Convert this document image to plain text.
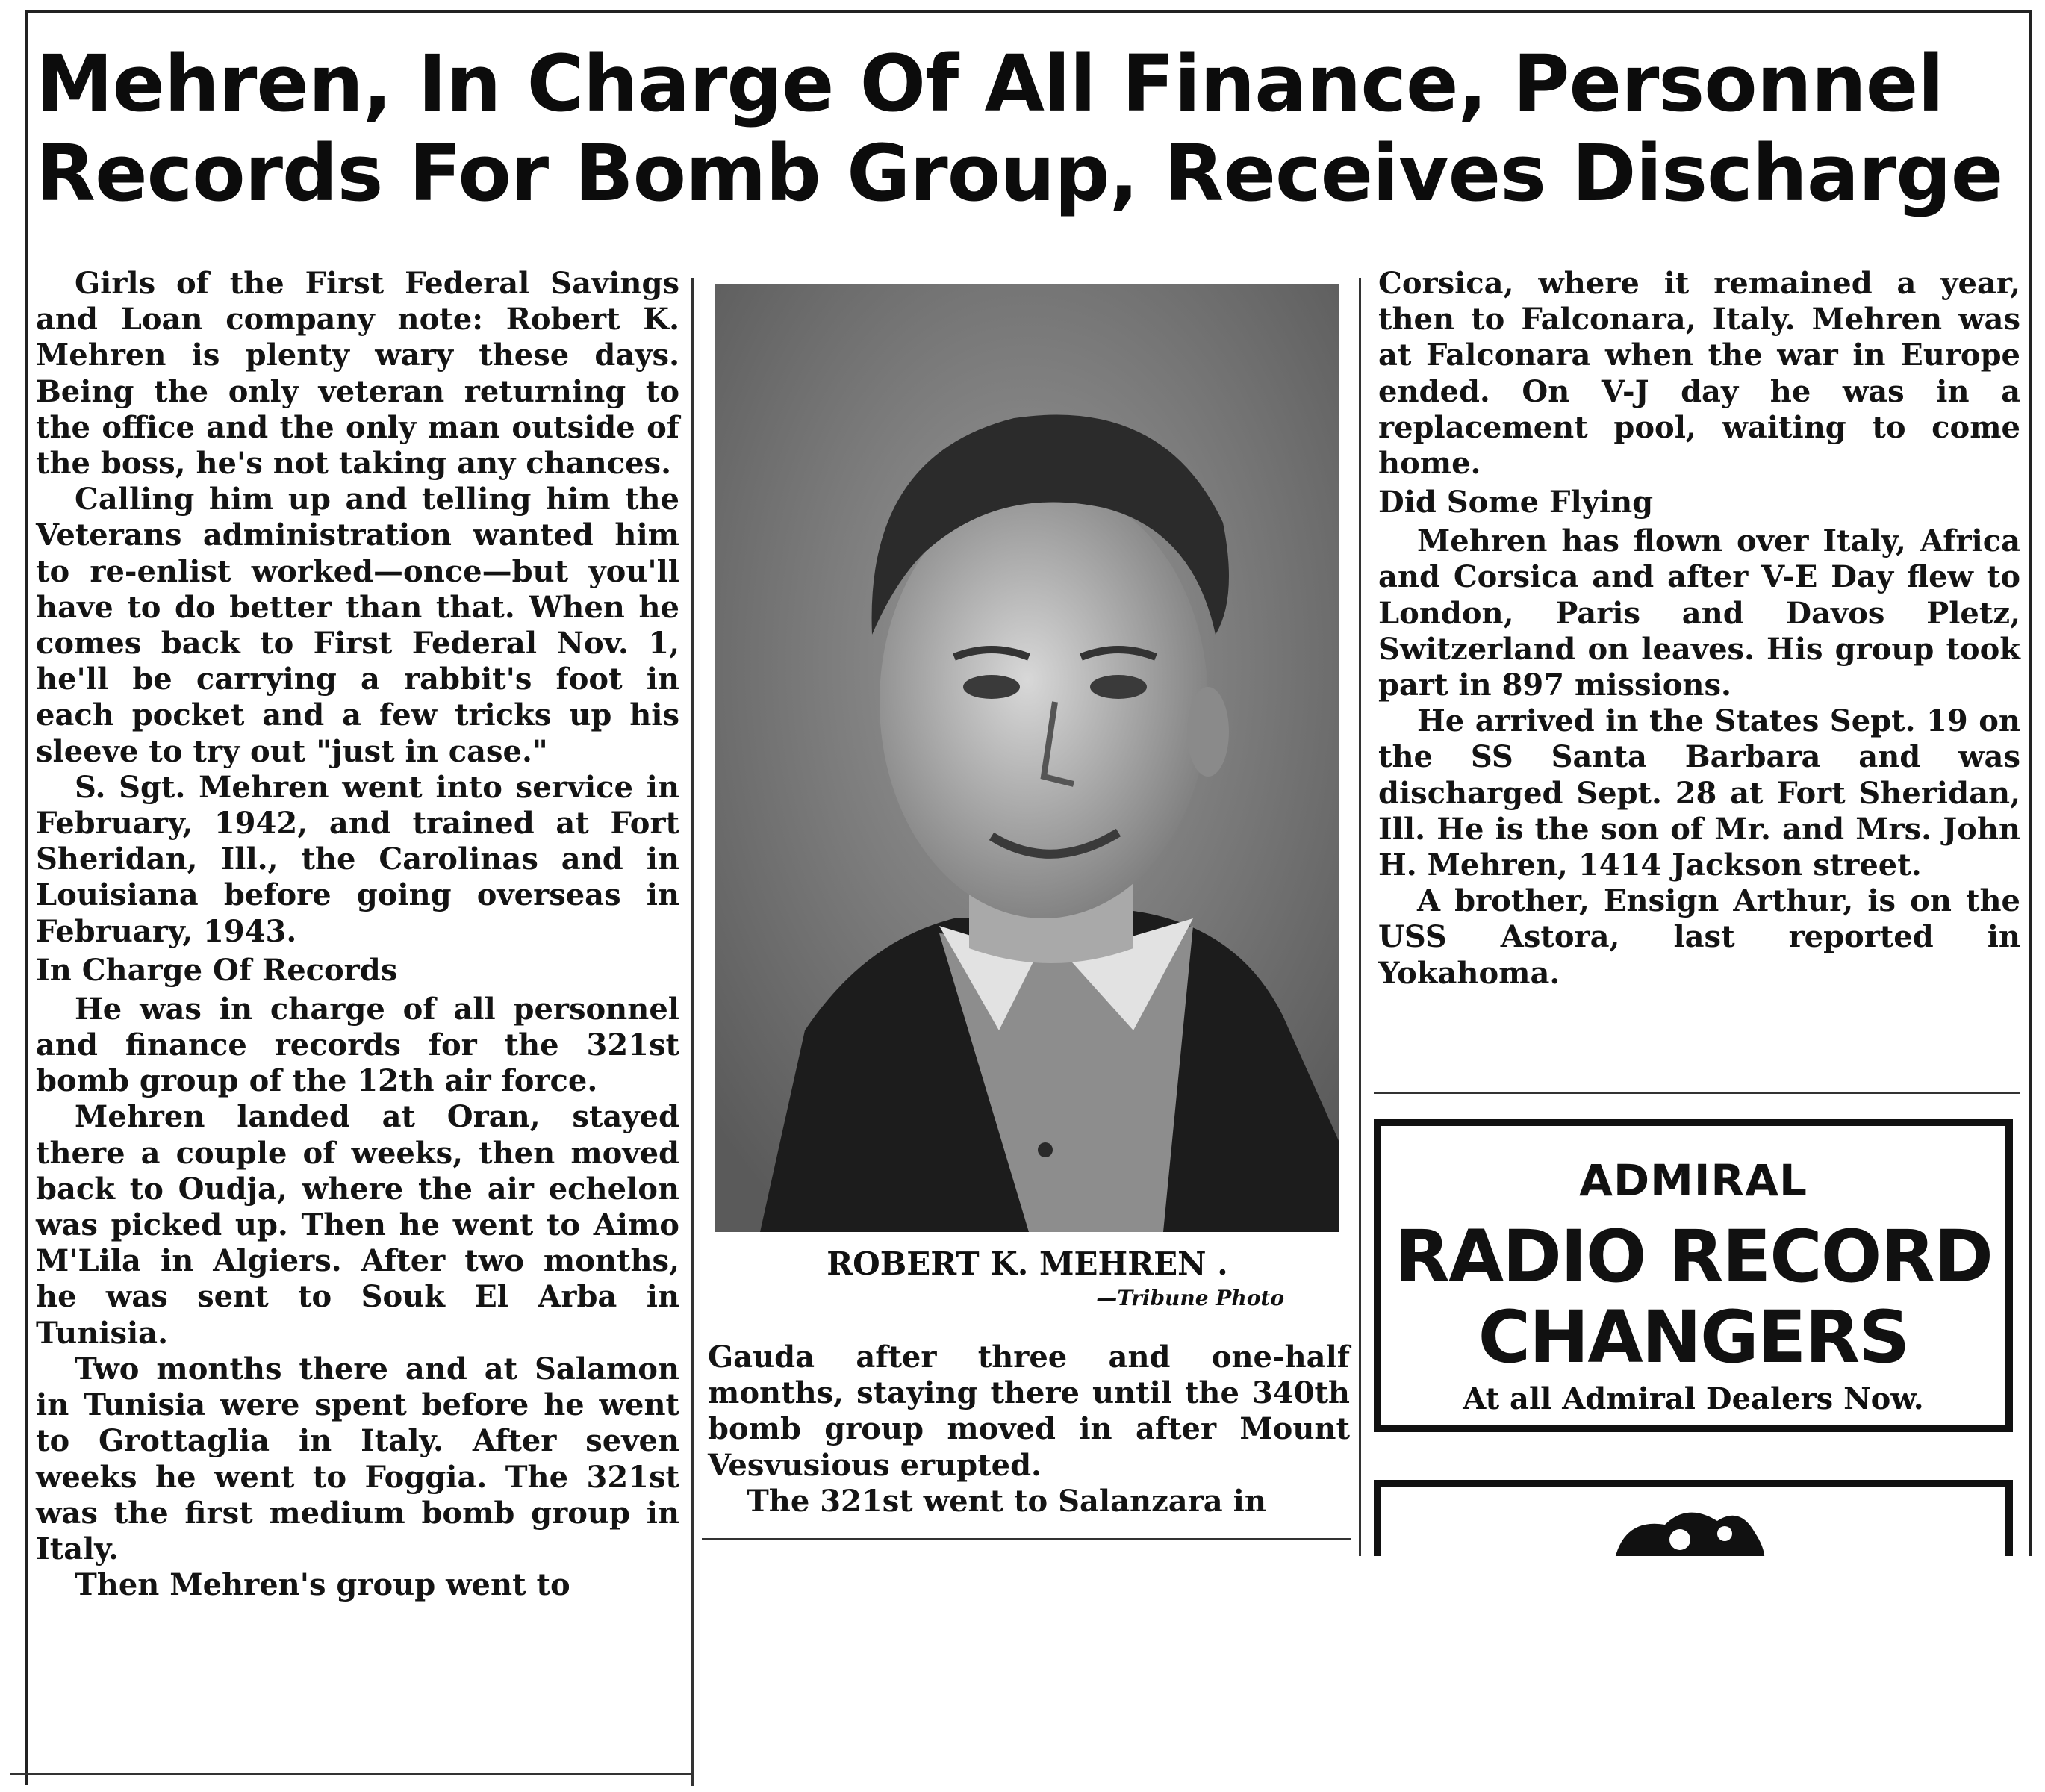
Mehren, In Charge Of All Finance, Personnel
Records For Bomb Group, Receives Discharge

Girls of the First Federal Savings and Loan company note: Robert K. Mehren is plenty wary these days. Being the only veteran returning to the office and the only man outside of the boss, he's not taking any chances.

Calling him up and telling him the Veterans administration wanted him to re-enlist worked—once—but you'll have to do better than that. When he comes back to First Federal Nov. 1, he'll be carrying a rabbit's foot in each pocket and a few tricks up his sleeve to try out "just in case."

S. Sgt. Mehren went into service in February, 1942, and trained at Fort Sheridan, Ill., the Carolinas and in Louisiana before going overseas in February, 1943.

In Charge Of Records

He was in charge of all personnel and finance records for the 321st bomb group of the 12th air force.

Mehren landed at Oran, stayed there a couple of weeks, then moved back to Oudja, where the air echelon was picked up. Then he went to Aimo M'Lila in Algiers. After two months, he was sent to Souk El Arba in Tunisia.

Two months there and at Salamon in Tunisia were spent before he went to Grottaglia in Italy. After seven weeks he went to Foggia. The 321st was the first medium bomb group in Italy.

Then Mehren's group went to

ROBERT K. MEHREN .
—Tribune Photo

Gauda after three and one-half months, staying there until the 340th bomb group moved in after Mount Vesvusious erupted.

The 321st went to Salanzara in

Corsica, where it remained a year, then to Falconara, Italy. Mehren was at Falconara when the war in Europe ended. On V-J day he was in a replacement pool, waiting to come home.

Did Some Flying

Mehren has flown over Italy, Africa and Corsica and after V-E Day flew to London, Paris and Davos Pletz, Switzerland on leaves. His group took part in 897 missions.

He arrived in the States Sept. 19 on the SS Santa Barbara and was discharged Sept. 28 at Fort Sheridan, Ill. He is the son of Mr. and Mrs. John H. Mehren, 1414 Jackson street.

A brother, Ensign Arthur, is on the USS Astora, last reported in Yokahoma.

ADMIRAL
RADIO RECORD
CHANGERS
At all Admiral Dealers Now.
